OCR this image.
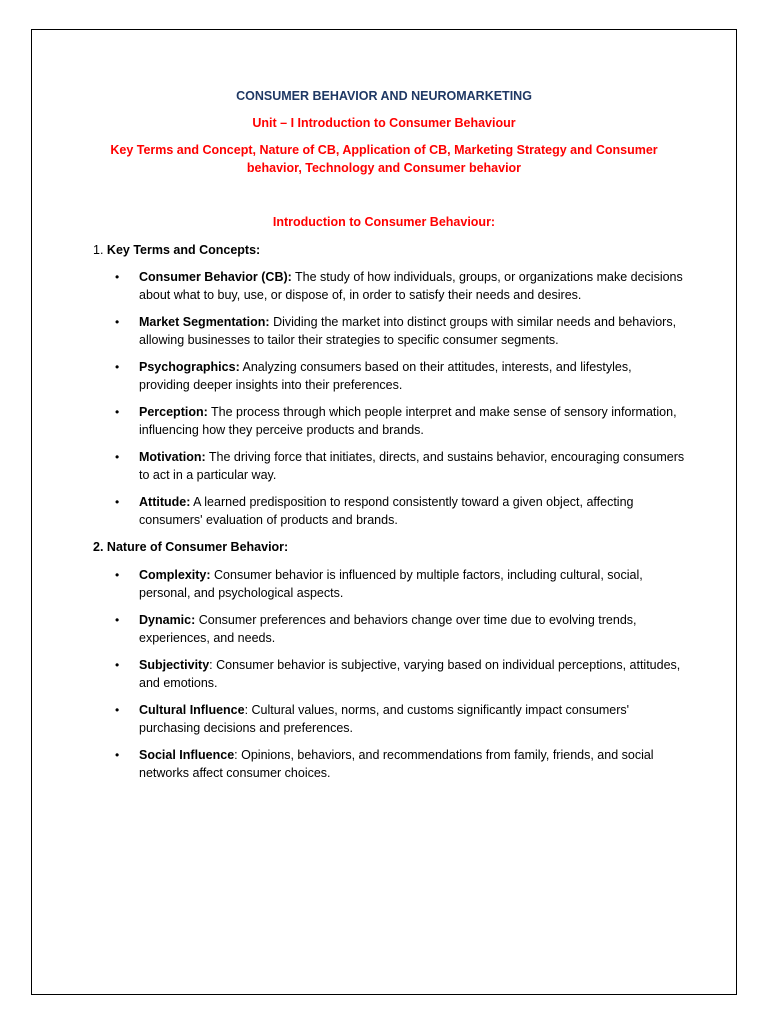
CONSUMER BEHAVIOR AND NEUROMARKETING
Unit – I Introduction to Consumer Behaviour
Key Terms and Concept, Nature of CB, Application of CB, Marketing Strategy and Consumer behavior, Technology and Consumer behavior
Introduction to Consumer Behaviour:
1. Key Terms and Concepts:
• Consumer Behavior (CB): The study of how individuals, groups, or organizations make decisions about what to buy, use, or dispose of, in order to satisfy their needs and desires.
• Market Segmentation: Dividing the market into distinct groups with similar needs and behaviors, allowing businesses to tailor their strategies to specific consumer segments.
• Psychographics: Analyzing consumers based on their attitudes, interests, and lifestyles, providing deeper insights into their preferences.
• Perception: The process through which people interpret and make sense of sensory information, influencing how they perceive products and brands.
• Motivation: The driving force that initiates, directs, and sustains behavior, encouraging consumers to act in a particular way.
• Attitude: A learned predisposition to respond consistently toward a given object, affecting consumers' evaluation of products and brands.
2. Nature of Consumer Behavior:
• Complexity: Consumer behavior is influenced by multiple factors, including cultural, social, personal, and psychological aspects.
• Dynamic: Consumer preferences and behaviors change over time due to evolving trends, experiences, and needs.
• Subjectivity: Consumer behavior is subjective, varying based on individual perceptions, attitudes, and emotions.
• Cultural Influence: Cultural values, norms, and customs significantly impact consumers' purchasing decisions and preferences.
• Social Influence: Opinions, behaviors, and recommendations from family, friends, and social networks affect consumer choices.
